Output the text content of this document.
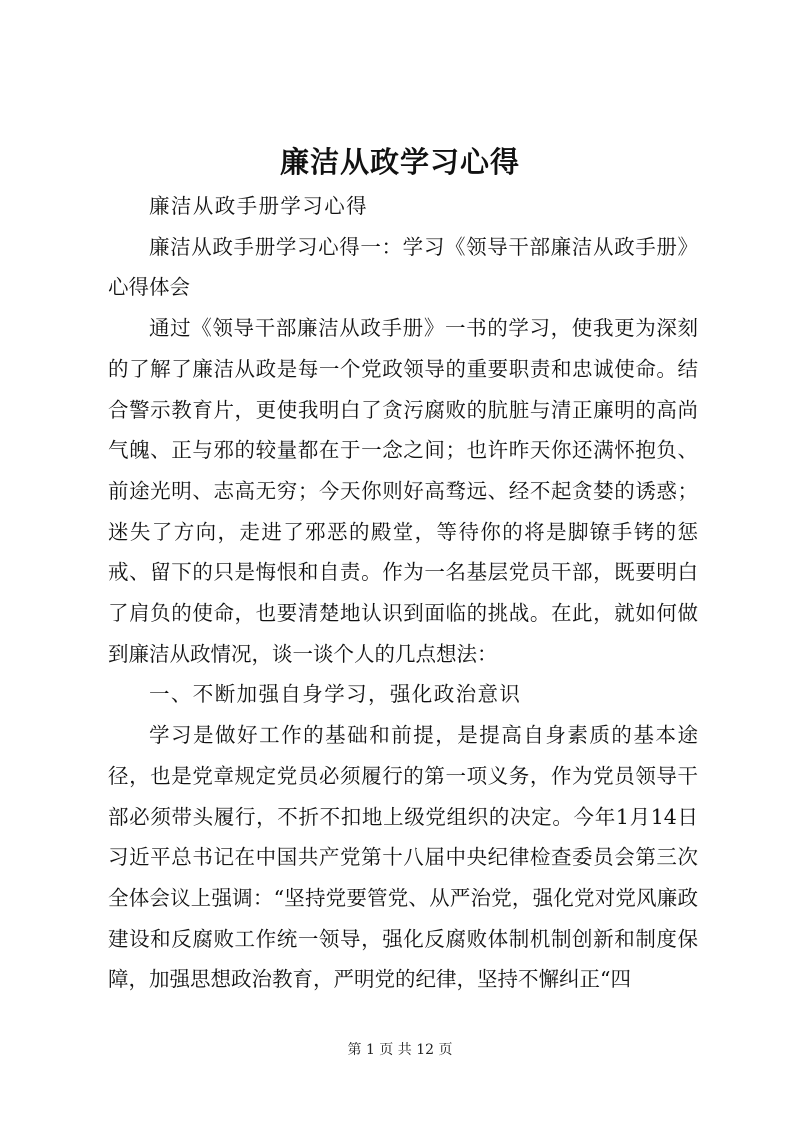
廉洁从政学习心得

廉洁从政手册学习心得

廉洁从政手册学习心得一：学习《领导干部廉洁从政手册》心得体会

通过《领导干部廉洁从政手册》一书的学习，使我更为深刻的了解了廉洁从政是每一个党政领导的重要职责和忠诚使命。结合警示教育片，更使我明白了贪污腐败的肮脏与清正廉明的高尚气魄、正与邪的较量都在于一念之间；也许昨天你还满怀抱负、前途光明、志高无穷；今天你则好高骛远、经不起贪婪的诱惑；迷失了方向，走进了邪恶的殿堂，等待你的将是脚镣手铐的惩戒、留下的只是悔恨和自责。作为一名基层党员干部，既要明白了肩负的使命，也要清楚地认识到面临的挑战。在此，就如何做到廉洁从政情况，谈一谈个人的几点想法：

一、不断加强自身学习，强化政治意识

学习是做好工作的基础和前提，是提高自身素质的基本途径，也是党章规定党员必须履行的第一项义务，作为党员领导干部必须带头履行，不折不扣地上级党组织的决定。今年1月14日习近平总书记在中国共产党第十八届中央纪律检查委员会第三次全体会议上强调：“坚持党要管党、从严治党，强化党对党风廉政建设和反腐败工作统一领导，强化反腐败体制机制创新和制度保障，加强思想政治教育，严明党的纪律，坚持不懈纠正“四

第 1 页 共 12 页
